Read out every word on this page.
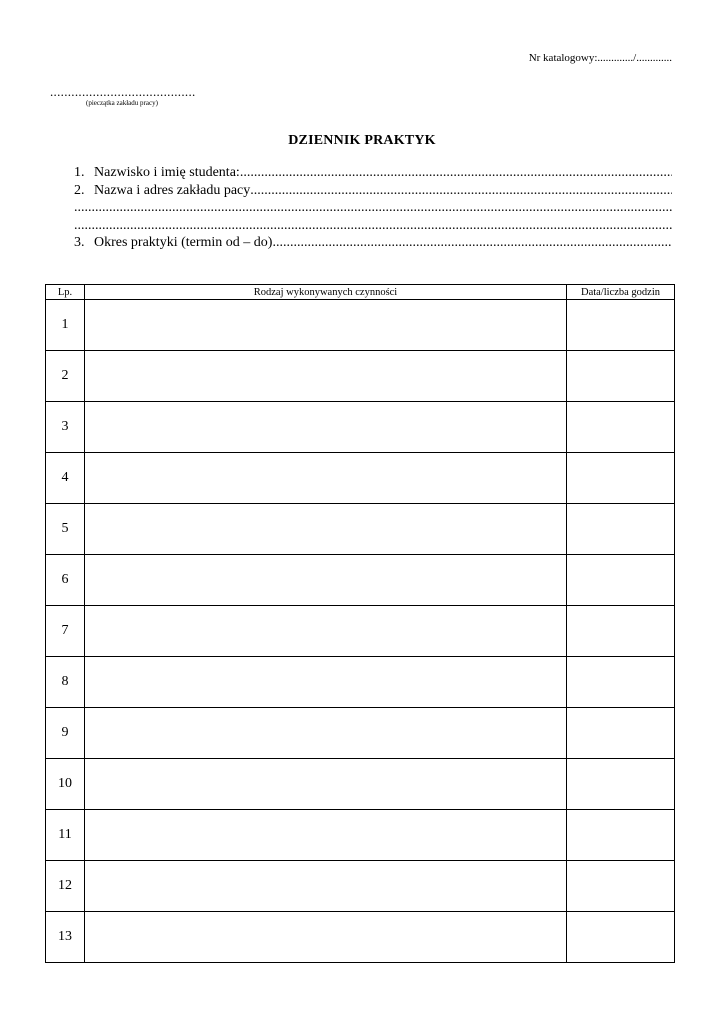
Nr katalogowy:............./.............
.........................................
(pieczątka zakładu pracy)
DZIENNIK PRAKTYK
1. Nazwisko i imię studenta:
.....
2. Nazwa i adres zakładu pacy
.....
.....
.....
3. Okres praktyki (termin od – do)
.....
Lp.	Rodzaj wykonywanych czynności	Data/liczba godzin
1		
2		
3		
4		
5		
6		
7		
8		
9		
10		
11		
12		
13		
